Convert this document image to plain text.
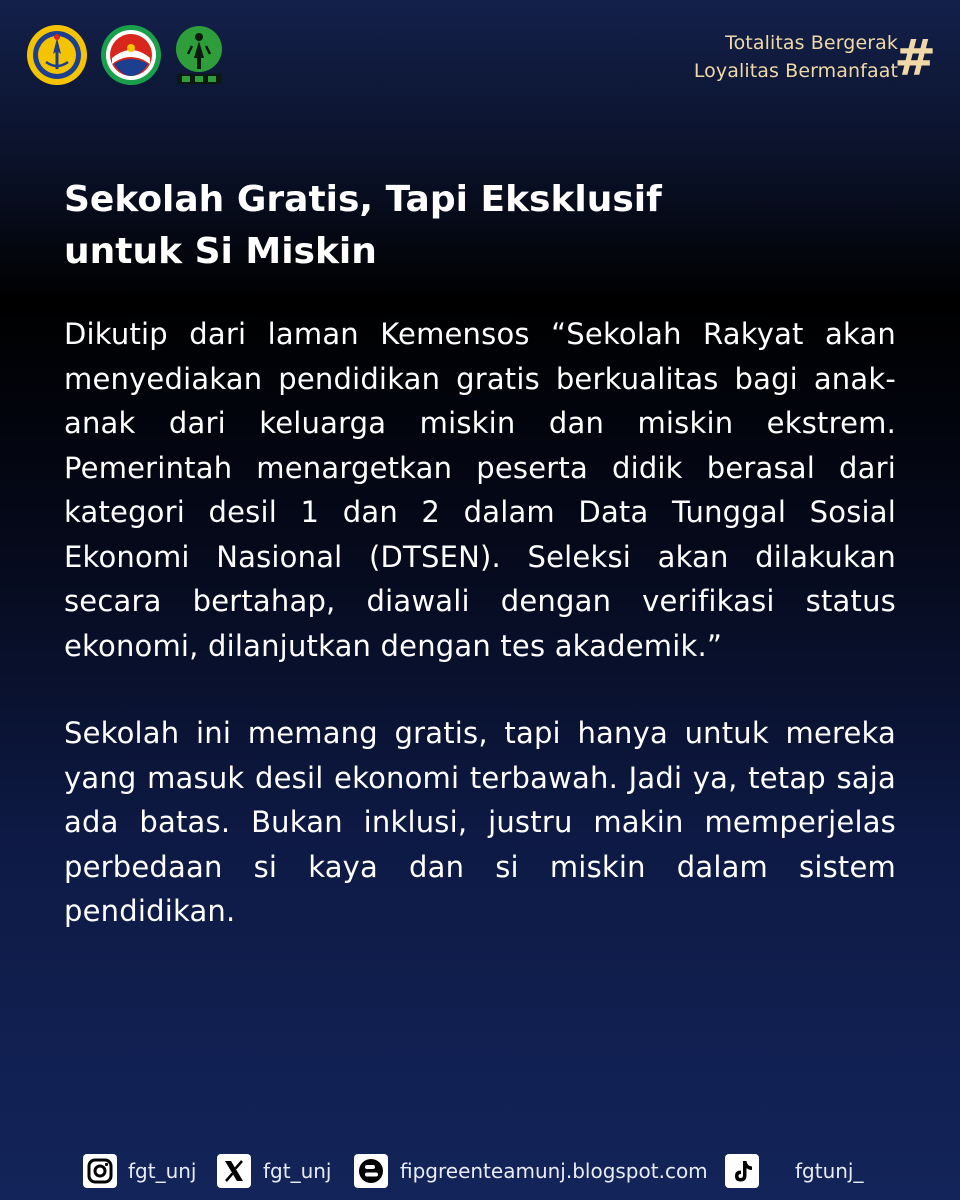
Totalitas Bergerak
Loyalitas Bermanfaat
#
Sekolah Gratis, Tapi Eksklusif
untuk Si Miskin
Dikutip dari laman Kemensos “Sekolah Rakyat akan menyediakan pendidikan gratis berkualitas bagi anak-anak dari keluarga miskin dan miskin ekstrem. Pemerintah menargetkan peserta didik berasal dari kategori desil 1 dan 2 dalam Data Tunggal Sosial Ekonomi Nasional (DTSEN). Seleksi akan dilakukan secara bertahap, diawali dengan verifikasi status ekonomi, dilanjutkan dengan tes akademik.”
Sekolah ini memang gratis, tapi hanya untuk mereka yang masuk desil ekonomi terbawah. Jadi ya, tetap saja ada batas. Bukan inklusi, justru makin memperjelas perbedaan si kaya dan si miskin dalam sistem pendidikan.
fgt_unj	fgt_unj	fipgreenteamunj.blogspot.com	fgtunj_
